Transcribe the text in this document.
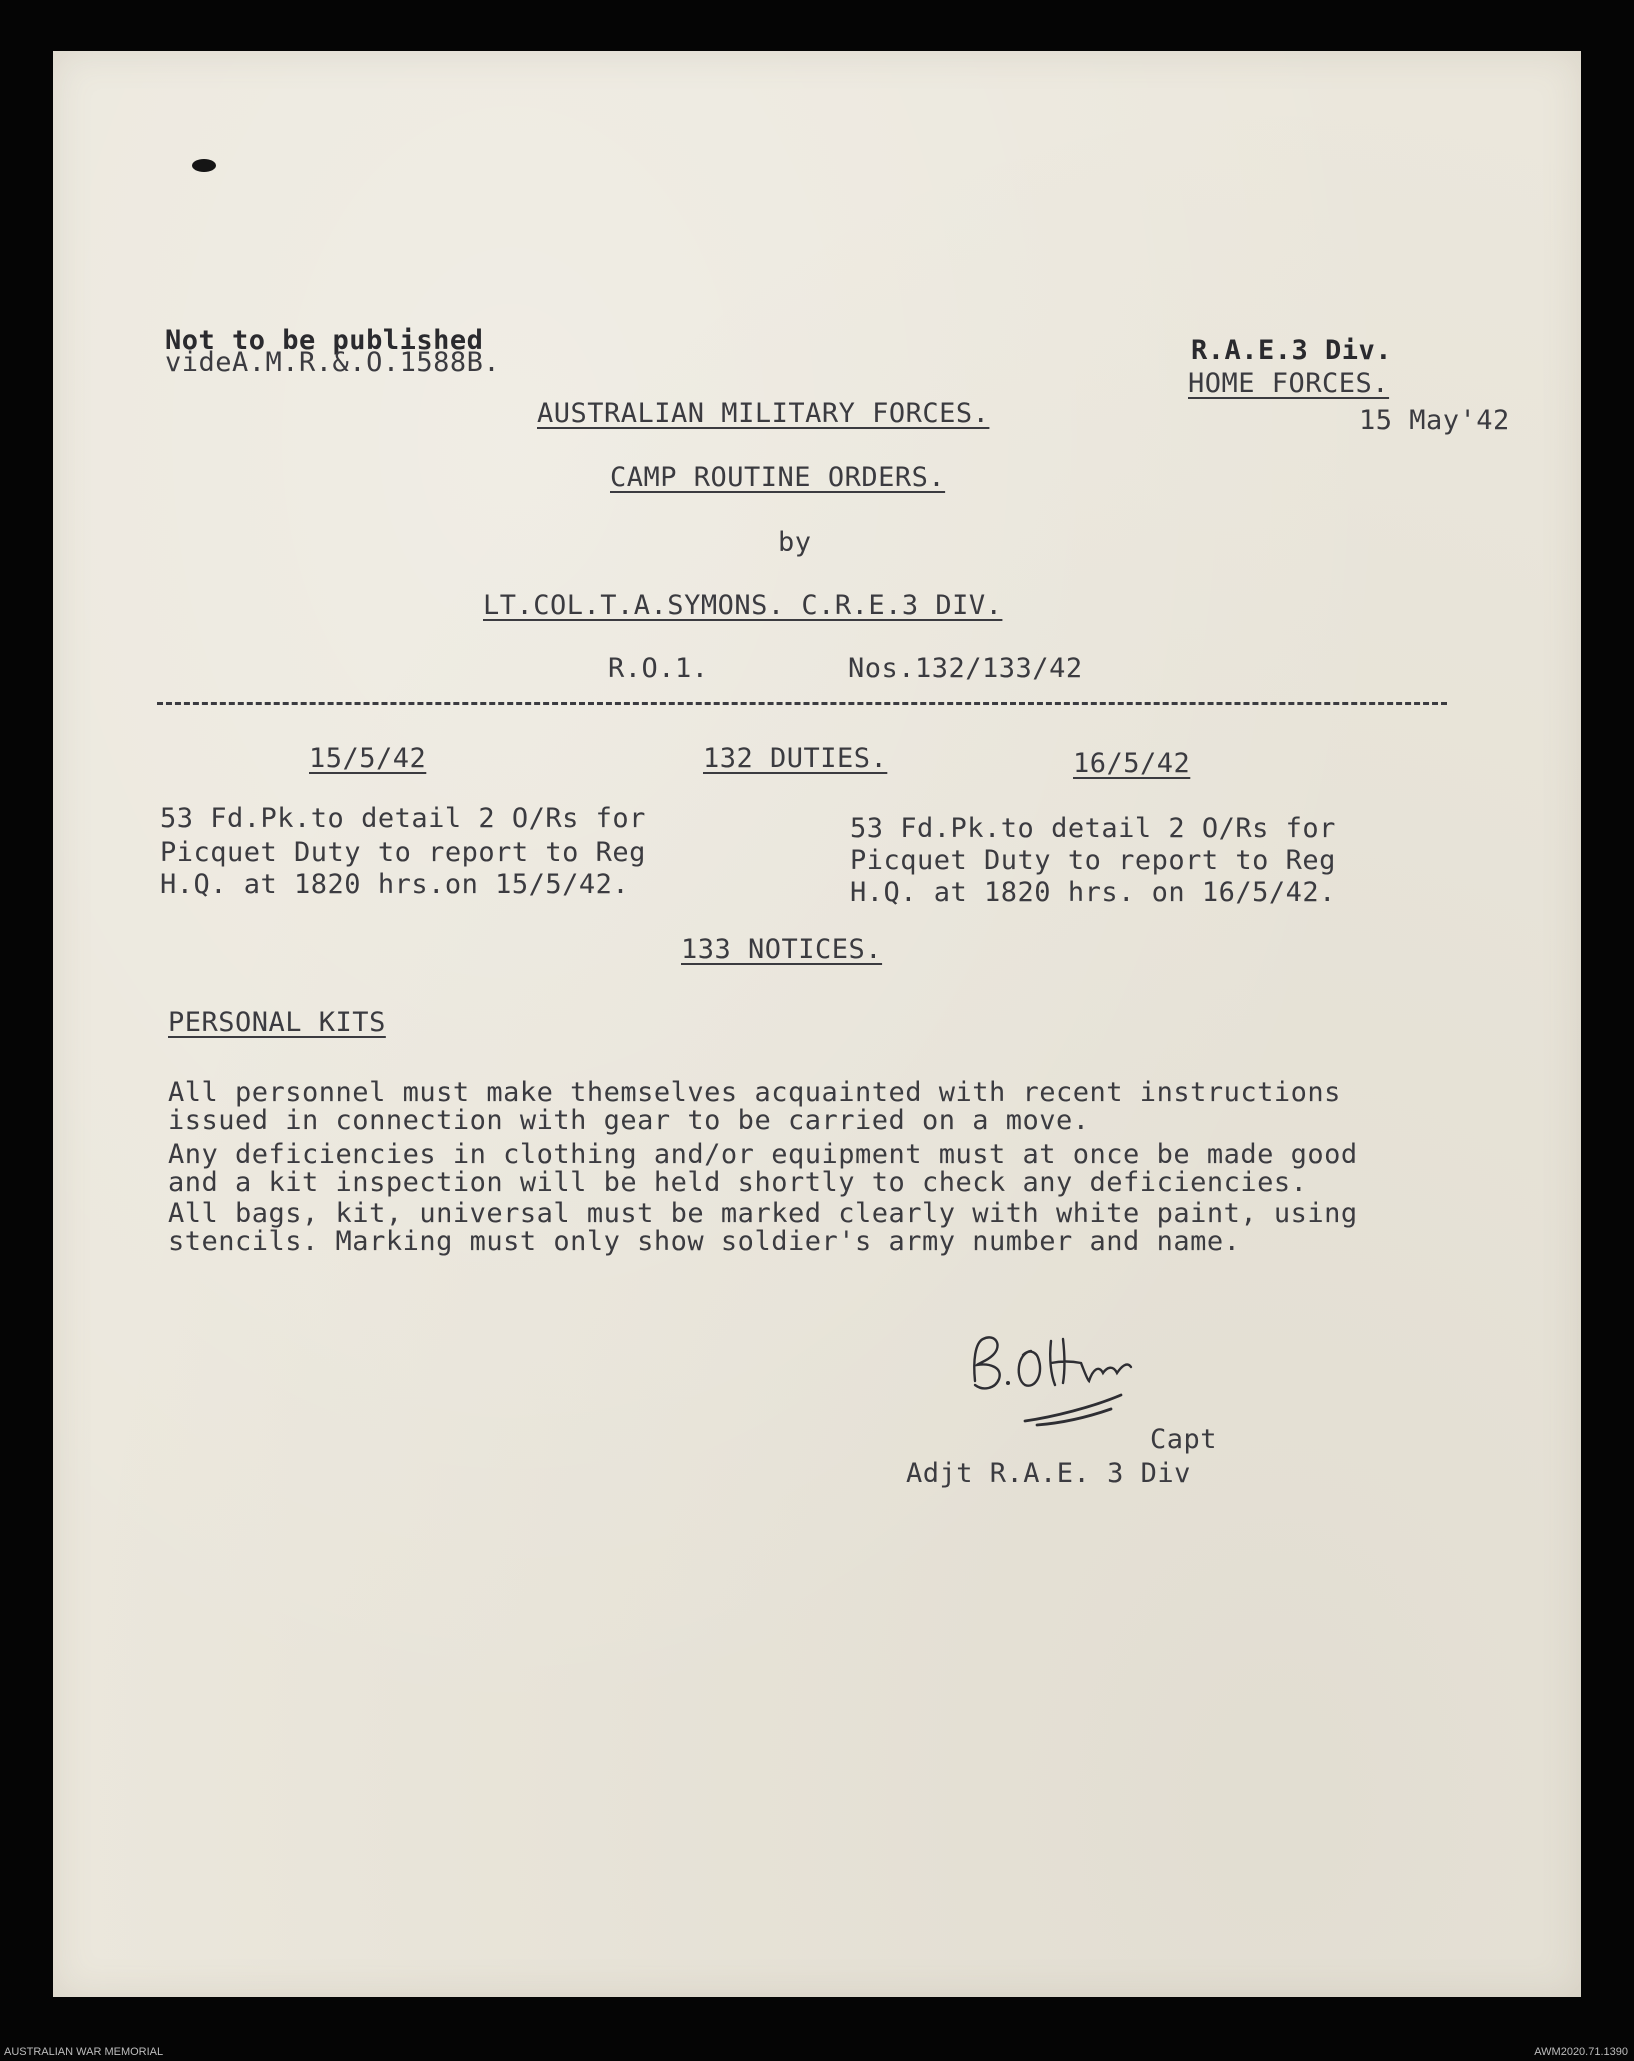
Not to be published
videA.M.R.&.O.1588B.	R.A.E.3 Div.
HOME FORCES.
15 May'42
AUSTRALIAN MILITARY FORCES.
CAMP ROUTINE ORDERS.
by
LT.COL.T.A.SYMONS. C.R.E.3 DIV.
R.O.1.	Nos.132/133/42
15/5/42	132 DUTIES.	16/5/42
53 Fd.Pk.to detail 2 O/Rs for
Picquet Duty to report to Reg
H.Q. at 1820 hrs.on 15/5/42.
53 Fd.Pk.to detail 2 O/Rs for
Picquet Duty to report to Reg
H.Q. at 1820 hrs. on 16/5/42.
133 NOTICES.
PERSONAL KITS
All personnel must make themselves acquainted with recent instructions
issued in connection with gear to be carried on a move.
Any deficiencies in clothing and/or equipment must at once be made good
and a kit inspection will be held shortly to check any deficiencies.
All bags, kit, universal must be marked clearly with white paint, using
stencils. Marking must only show soldier's army number and name.
Capt
Adjt R.A.E. 3 Div
AUSTRALIAN WAR MEMORIAL	AWM2020.71.1390
